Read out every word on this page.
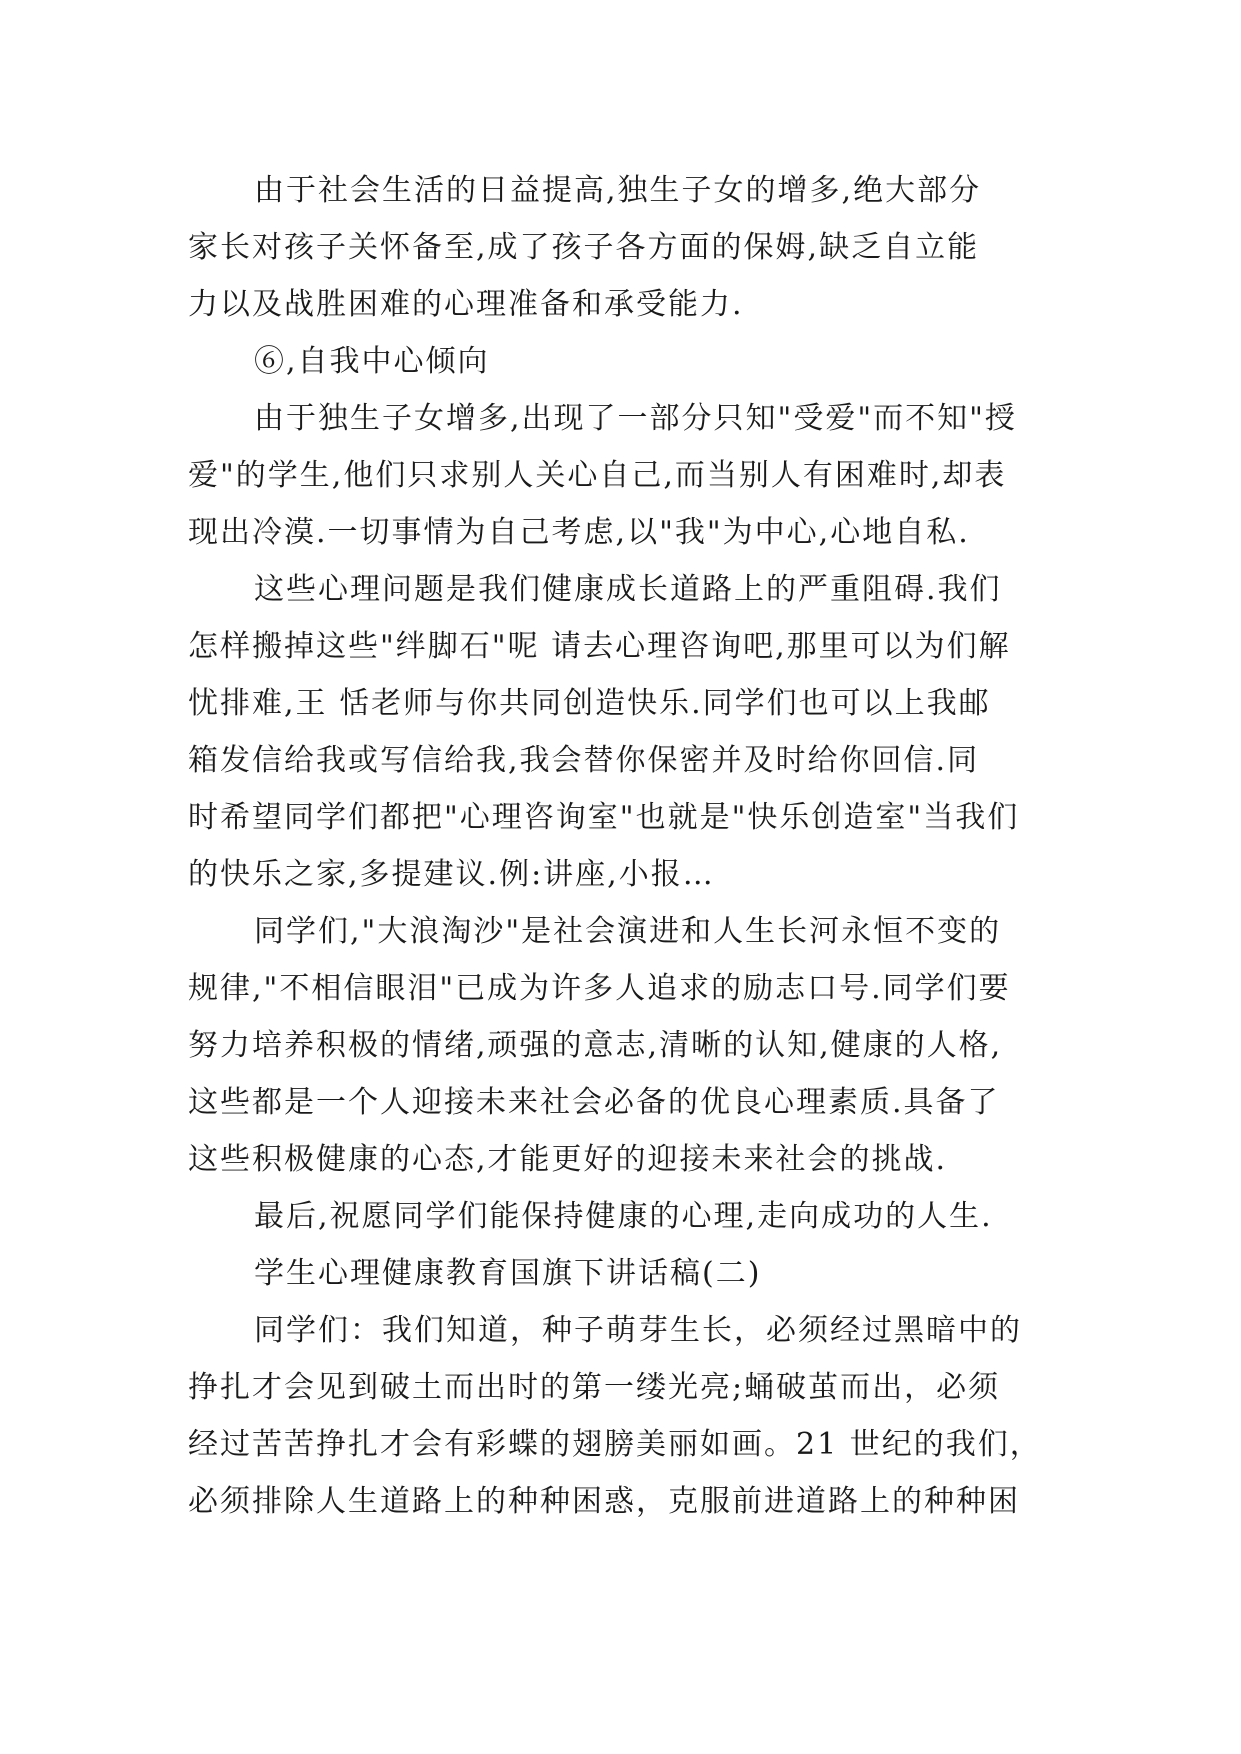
由于社会生活的日益提高,独生子女的增多,绝大部分
家长对孩子关怀备至,成了孩子各方面的保姆,缺乏自立能
力以及战胜困难的心理准备和承受能力.
⑥,自我中心倾向
由于独生子女增多,出现了一部分只知"受爱"而不知"授
爱"的学生,他们只求别人关心自己,而当别人有困难时,却表
现出冷漠.一切事情为自己考虑,以"我"为中心,心地自私.
这些心理问题是我们健康成长道路上的严重阻碍.我们
怎样搬掉这些"绊脚石"呢 请去心理咨询吧,那里可以为们解
忧排难,王 恬老师与你共同创造快乐.同学们也可以上我邮
箱发信给我或写信给我,我会替你保密并及时给你回信.同
时希望同学们都把"心理咨询室"也就是"快乐创造室"当我们
的快乐之家,多提建议.例:讲座,小报…
同学们,"大浪淘沙"是社会演进和人生长河永恒不变的
规律,"不相信眼泪"已成为许多人追求的励志口号.同学们要
努力培养积极的情绪,顽强的意志,清晰的认知,健康的人格,
这些都是一个人迎接未来社会必备的优良心理素质.具备了
这些积极健康的心态,才能更好的迎接未来社会的挑战.
最后,祝愿同学们能保持健康的心理,走向成功的人生.
学生心理健康教育国旗下讲话稿(二)
同学们：我们知道，种子萌芽生长，必须经过黑暗中的
挣扎才会见到破土而出时的第一缕光亮;蛹破茧而出，必须
经过苦苦挣扎才会有彩蝶的翅膀美丽如画。21 世纪的我们，
必须排除人生道路上的种种困惑，克服前进道路上的种种困
